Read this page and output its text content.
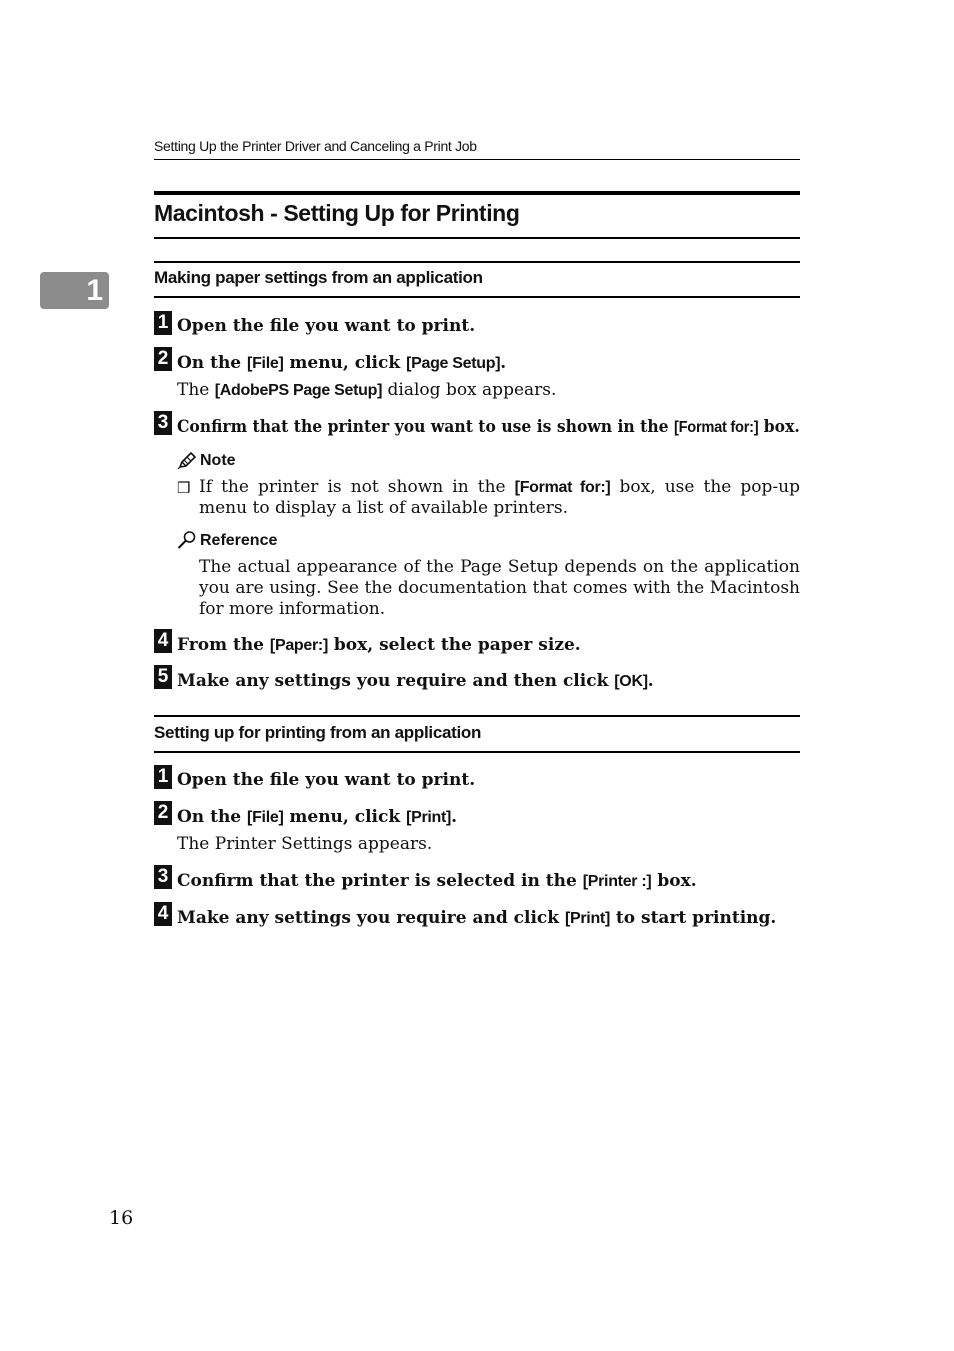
Setting Up the Printer Driver and Canceling a Print Job
1
Macintosh - Setting Up for Printing
Making paper settings from an application
1 Open the file you want to print.
2 On the [File] menu, click [Page Setup].
The [AdobePS Page Setup] dialog box appears.
3 Confirm that the printer you want to use is shown in the [Format for:] box.
Note
❒ If the printer is not shown in the [Format for:] box, use the pop-up menu to display a list of available printers.
Reference
The actual appearance of the Page Setup depends on the application you are using. See the documentation that comes with the Macintosh for more information.
4 From the [Paper:] box, select the paper size.
5 Make any settings you require and then click [OK].
Setting up for printing from an application
1 Open the file you want to print.
2 On the [File] menu, click [Print].
The Printer Settings appears.
3 Confirm that the printer is selected in the [Printer :] box.
4 Make any settings you require and click [Print] to start printing.
16
